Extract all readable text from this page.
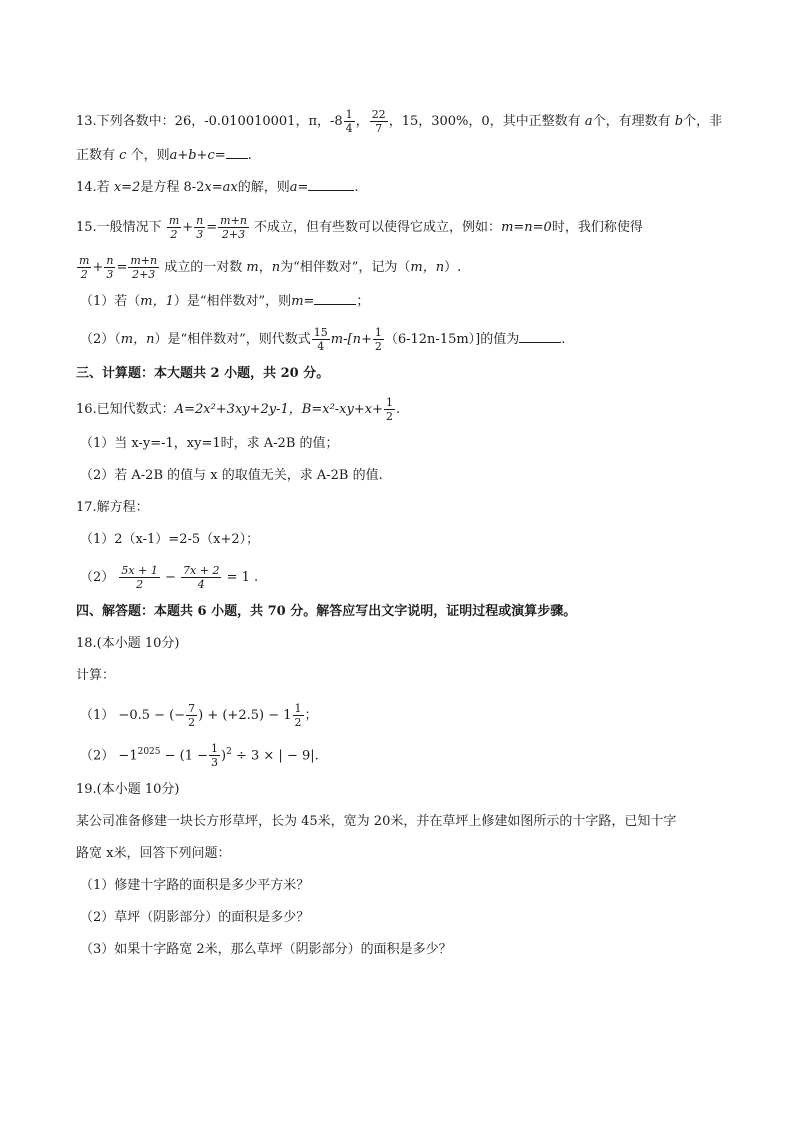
13.下列各数中：26，-0.010010001，π，$-8 \frac{1}{4}$ ， $\frac{22}{7}$ ，15，300%，0，其中正整数有 a个，有理数有 b个，非
正数有 c 个，则a+b+c= .
14.若 x=2是方程 8-2x=ax的解，则a=	.
15.一般情况下 $\frac{m}{2} + \frac{n}{3} = \frac{m+n}{2+3}$ 不成立，但有些数可以使得它成立，例如：m=n=0时，我们称使得
$\frac{m}{2} + \frac{n}{3} = \frac{m+n}{2+3}$ 成立的一对数 m，n为“相伴数对”，记为（m，n）.
（1）若（m，1）是“相伴数对”，则m=	；
（2）（m，n）是“相伴数对”，则代数式 $\frac{15}{4} m-[n+ \frac{1}{2} (6-12n-15m)]$的值为	.
三、计算题：本大题共 2 小题，共 20 分。
16.已知代数式：A=2x²+3xy+2y-1，$B=x^2-xy+x+ \frac{1}{2}$ .
（1）当 x-y=-1，xy=1时，求 A-2B 的值；
（2）若 A-2B 的值与 x 的取值无关，求 A-2B 的值.
17.解方程：
（1）2（x-1）=2-5（x+2）；
$(2) \frac{5x + 1}{2} - \frac{7x + 2}{4} = 1$ .
四、解答题：本题共 6 小题，共 70 分。解答应写出文字说明，证明过程或演算步骤。
18.(本小题 10分)
计算：
（1） −0.5 − (− $\frac{7}{2}$ ) + $(+2.5) - 1 \frac{1}{2}$ ；
$(2) -1^{2025} - (1 - \frac{1}{3} )^2 \div 3$ × | − 9|.
19.(本小题 10分)
某公司准备修建一块长方形草坪，长为 45米，宽为 20米，并在草坪上修建如图所示的十字路，已知十字
路宽 x米，回答下列问题：
（1）修建十字路的面积是多少平方米？
（2）草坪（阴影部分）的面积是多少？
（3）如果十字路宽 2米，那么草坪（阴影部分）的面积是多少？
